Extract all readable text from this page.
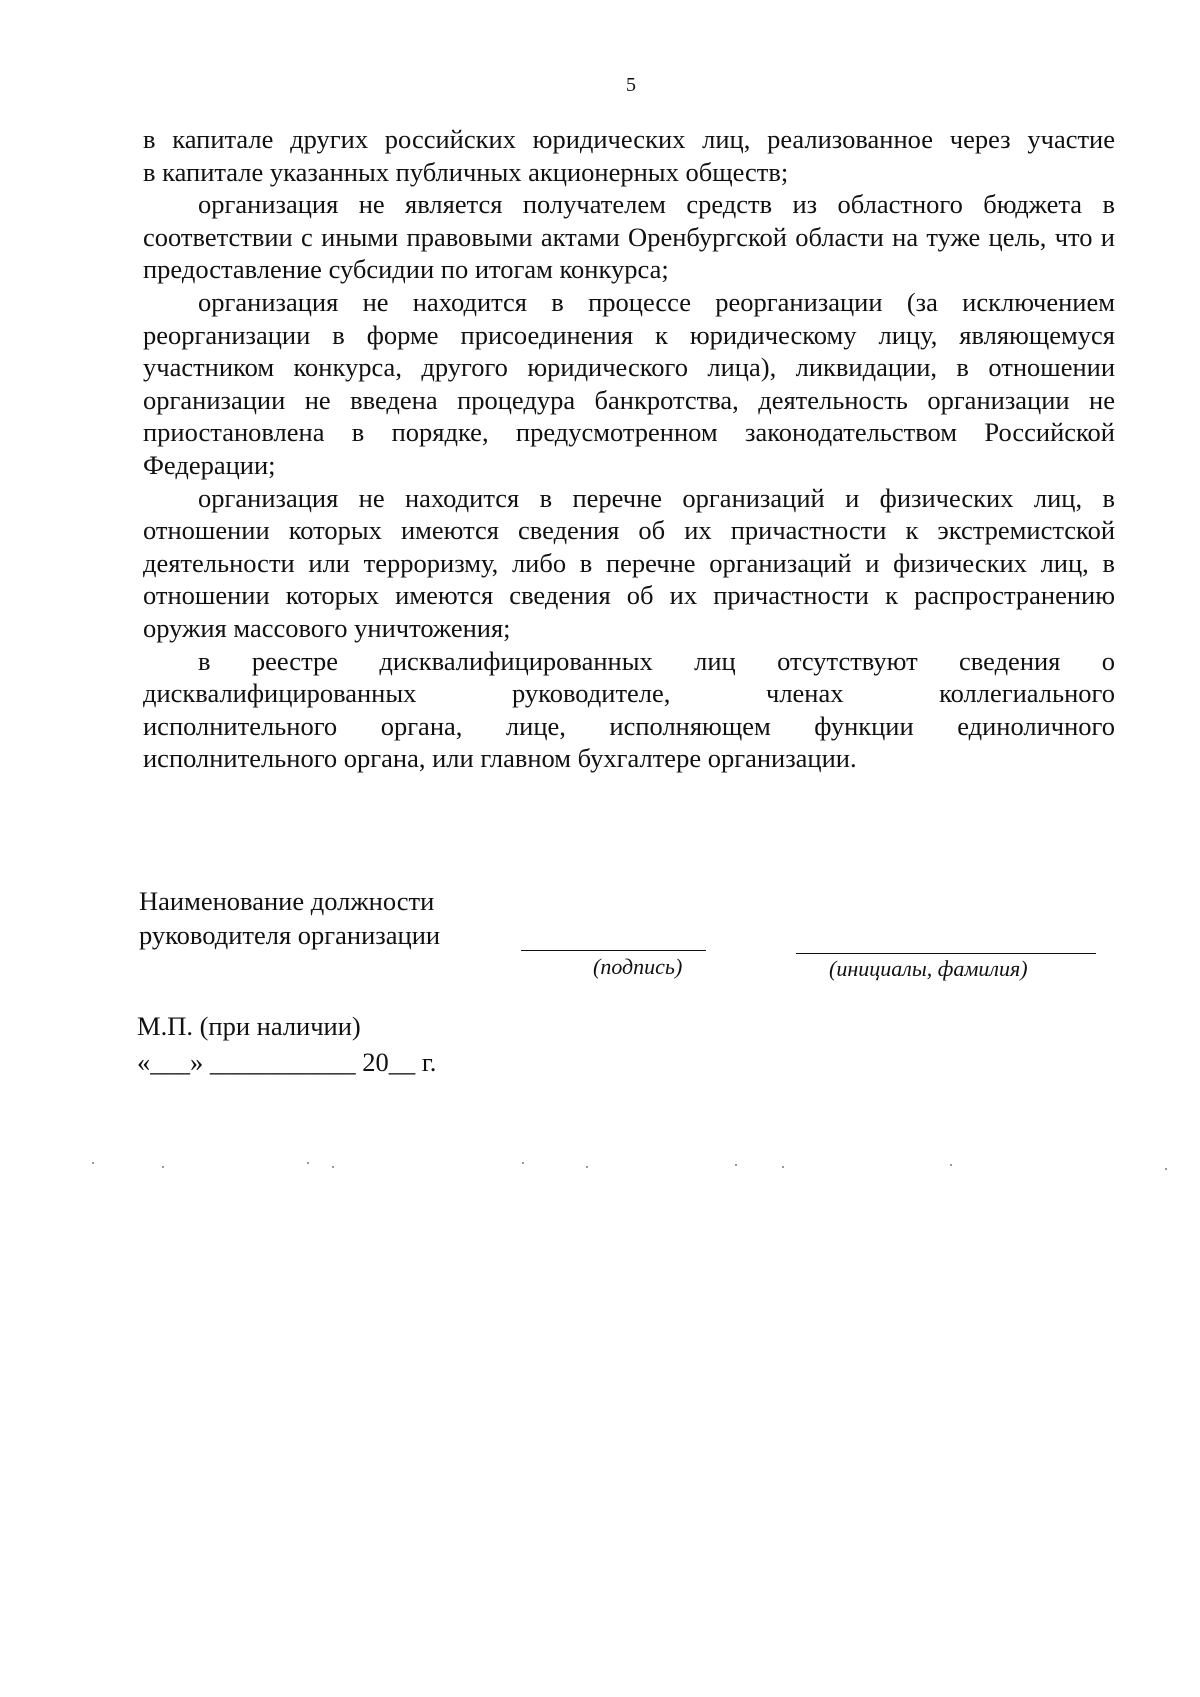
5

в капитале других российских юридических лиц, реализованное через участие
в капитале указанных публичных акционерных обществ;

организация не является получателем средств из областного бюджета в соответствии с иными правовыми актами Оренбургской области на туже цель, что и предоставление субсидии по итогам конкурса;

организация не находится в процессе реорганизации (за исключением реорганизации в форме присоединения к юридическому лицу, являющемуся участником конкурса, другого юридического лица), ликвидации, в отношении организации не введена процедура банкротства, деятельность организации не приостановлена в порядке, предусмотренном законодательством Российской Федерации;

организация не находится в перечне организаций и физических лиц, в отношении которых имеются сведения об их причастности к экстремистской деятельности или терроризму, либо в перечне организаций и физических лиц, в отношении которых имеются сведения об их причастности к распространению оружия массового уничтожения;

в реестре дисквалифицированных лиц отсутствуют сведения о
дисквалифицированных руководителе, членах коллегиального
исполнительного органа, лице, исполняющем функции единоличного
исполнительного органа, или главном бухгалтере организации.

Наименование должности
руководителя организации
(подпись)	(инициалы, фамилия)
М.П. (при наличии)
«___» ___________ 20__ г.
